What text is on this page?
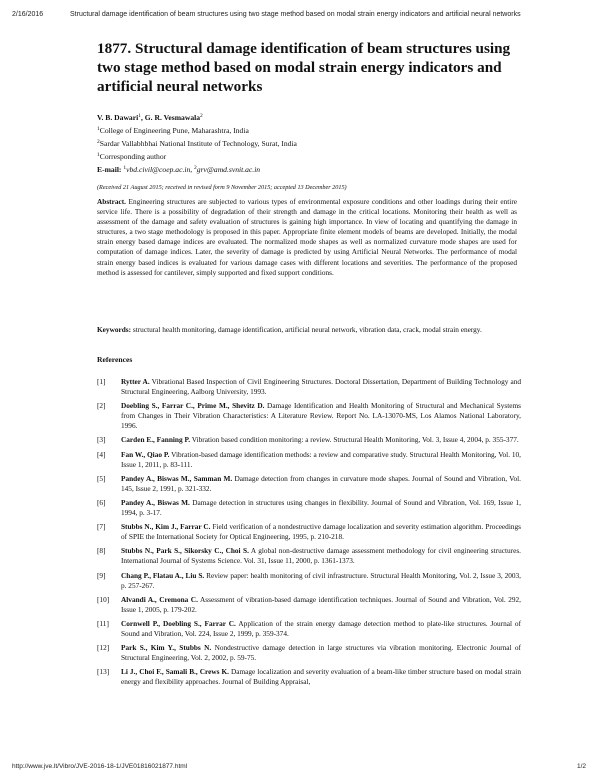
2/16/2016	Structural damage identification of beam structures using two stage method based on modal strain energy indicators and artificial neural networks
1877. Structural damage identification of beam structures using two stage method based on modal strain energy indicators and artificial neural networks
V. B. Dawari$^1$, G. R. Vesmawala$^2$
$^1$College of Engineering Pune, Maharashtra, India
$^2$Sardar Vallabhbhai National Institute of Technology, Surat, India
$^1$Corresponding author
E-mail: $^1$vbd.civil@coep.ac.in, $^2$grv@amd.svnit.ac.in
(Received 21 August 2015; received in revised form 9 November 2015; accepted 13 December 2015)

Abstract. Engineering structures are subjected to various types of environmental exposure conditions and other loadings during their entire service life. There is a possibility of degradation of their strength and damage in the critical locations. Monitoring their health as well as assessment of the damage and safety evaluation of structures is gaining high importance. In view of locating and quantifying the damage in structures, a two stage methodology is proposed in this paper. Appropriate finite element models of beams are developed. Initially, the modal strain energy based damage indices are evaluated. The normalized mode shapes as well as normalized curvature mode shapes are used for computation of damage indices. Later, the severity of damage is predicted by using Artificial Neural Networks. The performance of modal strain energy based indices is evaluated for various damage cases with different locations and severities. The performance of the proposed method is assessed for cantilever, simply supported and fixed support conditions.

Keywords: structural health monitoring, damage identification, artificial neural network, vibration data, crack, modal strain energy.

References
[1] Rytter A. Vibrational Based Inspection of Civil Engineering Structures. Doctoral Dissertation, Department of Building Technology and Structural Engineering, Aalborg University, 1993.
[2] Doebling S., Farrar C., Prime M., Shevitz D. Damage Identification and Health Monitoring of Structural and Mechanical Systems from Changes in Their Vibration Characteristics: A Literature Review. Report No. LA-13070-MS, Los Alamos National Laboratory, 1996.
[3] Carden E., Fanning P. Vibration based condition monitoring: a review. Structural Health Monitoring, Vol. 3, Issue 4, 2004, p. 355-377.
[4] Fan W., Qiao P. Vibration-based damage identification methods: a review and comparative study. Structural Health Monitoring, Vol. 10, Issue 1, 2011, p. 83-111.
[5] Pandey A., Biswas M., Samman M. Damage detection from changes in curvature mode shapes. Journal of Sound and Vibration, Vol. 145, Issue 2, 1991, p. 321-332.
[6] Pandey A., Biswas M. Damage detection in structures using changes in flexibility. Journal of Sound and Vibration, Vol. 169, Issue 1, 1994, p. 3-17.
[7] Stubbs N., Kim J., Farrar C. Field verification of a nondestructive damage localization and severity estimation algorithm. Proceedings of SPIE the International Society for Optical Engineering, 1995, p. 210-218.
[8] Stubbs N., Park S., Sikorsky C., Choi S. A global non-destructive damage assessment methodology for civil engineering structures. International Journal of Systems Science. Vol. 31, Issue 11, 2000, p. 1361-1373.
[9] Chang P., Flatau A., Liu S. Review paper: health monitoring of civil infrastructure. Structural Health Monitoring, Vol. 2, Issue 3, 2003, p. 257-267.
[10] Alvandi A., Cremona C. Assessment of vibration-based damage identification techniques. Journal of Sound and Vibration, Vol. 292, Issue 1, 2005, p. 179-202.
[11] Cornwell P., Doebling S., Farrar C. Application of the strain energy damage detection method to plate-like structures. Journal of Sound and Vibration, Vol. 224, Issue 2, 1999, p. 359-374.
[12] Park S., Kim Y., Stubbs N. Nondestructive damage detection in large structures via vibration monitoring. Electronic Journal of Structural Engineering, Vol. 2, 2002, p. 59-75.
[13] Li J., Choi F., Samali B., Crews K. Damage localization and severity evaluation of a beam-like timber structure based on modal strain energy and flexibility approaches. Journal of Building Appraisal,
http://www.jve.lt/Vibro/JVE-2016-18-1/JVE01816021877.html	1/2
